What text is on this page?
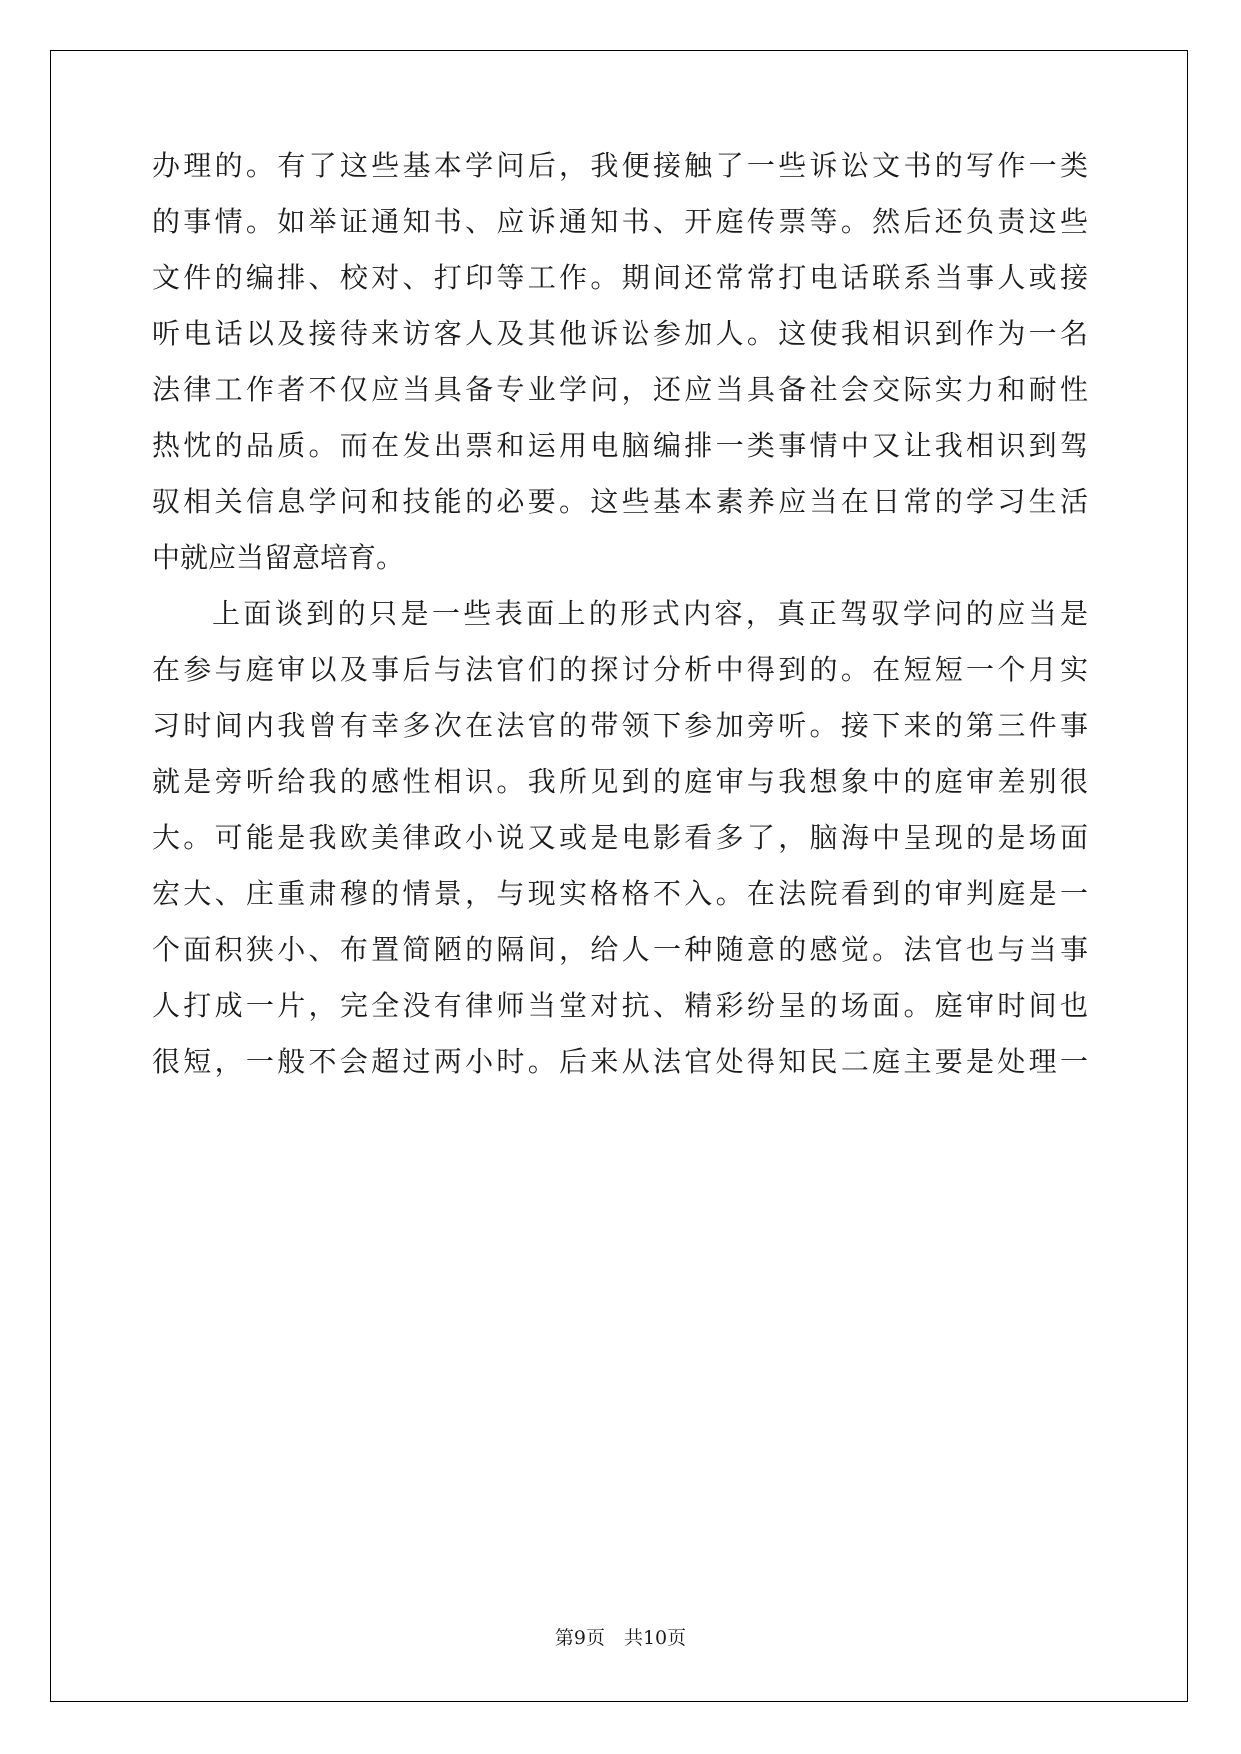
办理的。有了这些基本学问后，我便接触了一些诉讼文书的写作一类
的事情。如举证通知书、应诉通知书、开庭传票等。然后还负责这些
文件的编排、校对、打印等工作。期间还常常打电话联系当事人或接
听电话以及接待来访客人及其他诉讼参加人。这使我相识到作为一名
法律工作者不仅应当具备专业学问，还应当具备社会交际实力和耐性
热忱的品质。而在发出票和运用电脑编排一类事情中又让我相识到驾
驭相关信息学问和技能的必要。这些基本素养应当在日常的学习生活
中就应当留意培育。
上面谈到的只是一些表面上的形式内容，真正驾驭学问的应当是
在参与庭审以及事后与法官们的探讨分析中得到的。在短短一个月实
习时间内我曾有幸多次在法官的带领下参加旁听。接下来的第三件事
就是旁听给我的感性相识。我所见到的庭审与我想象中的庭审差别很
大。可能是我欧美律政小说又或是电影看多了，脑海中呈现的是场面
宏大、庄重肃穆的情景，与现实格格不入。在法院看到的审判庭是一
个面积狭小、布置简陋的隔间，给人一种随意的感觉。法官也与当事
人打成一片，完全没有律师当堂对抗、精彩纷呈的场面。庭审时间也
很短，一般不会超过两小时。后来从法官处得知民二庭主要是处理一
第9页　共10页
